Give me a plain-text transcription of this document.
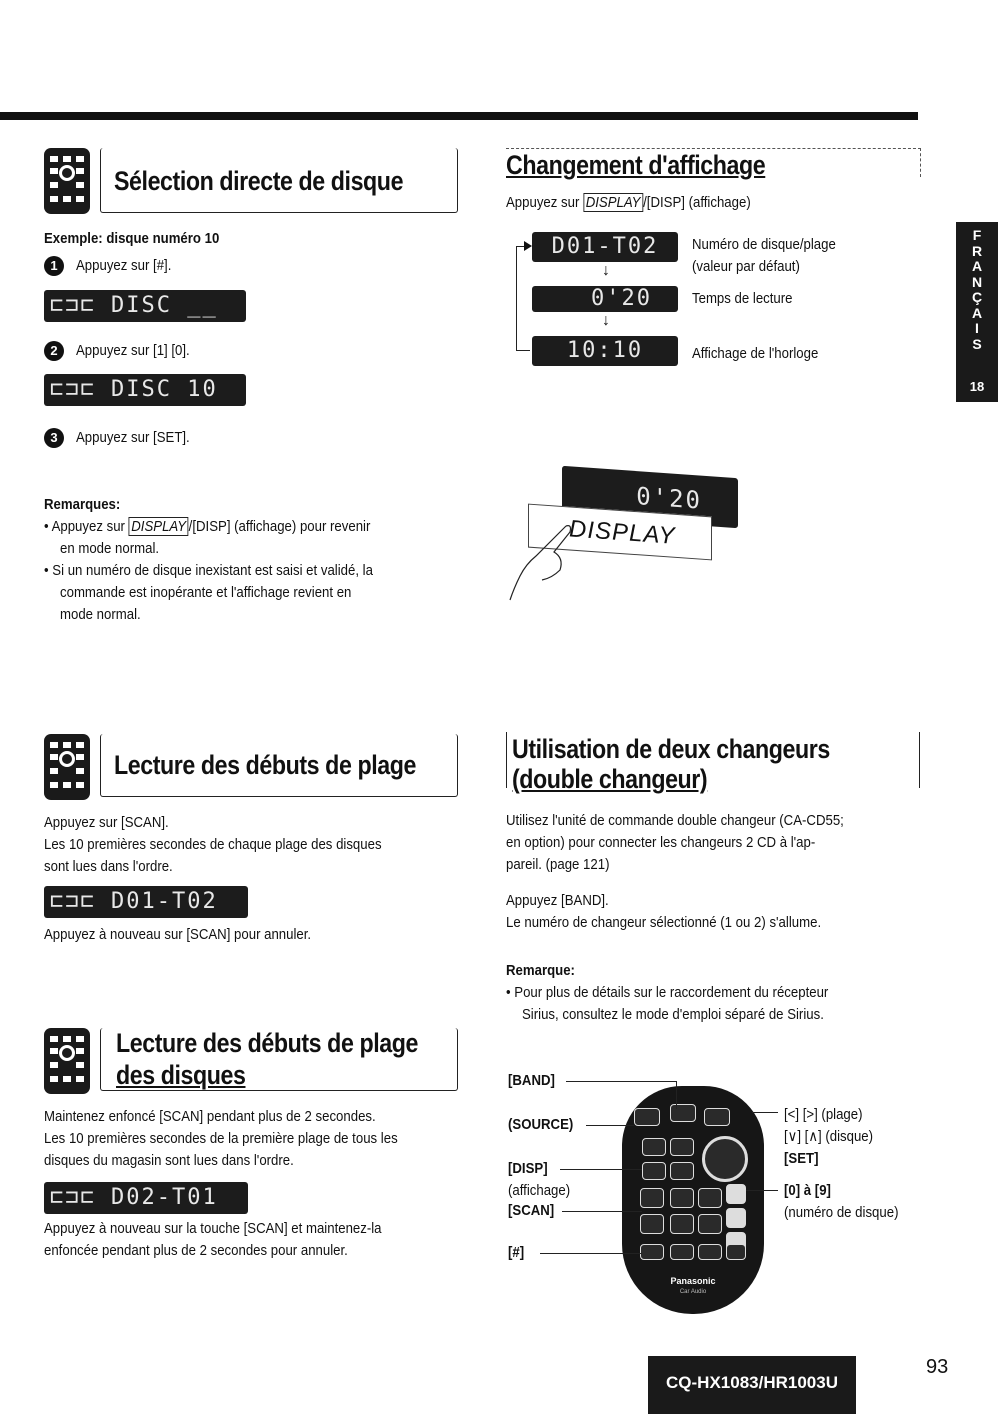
F
R
A
N
Ç
A
I
S
18
Sélection directe de disque
Exemple: disque numéro 10
1	Appuyez sur [#].
⊏⊐⊏ DISC __
2	Appuyez sur [1] [0].
⊏⊐⊏ DISC 10
3	Appuyez sur [SET].
Remarques:
• Appuyez sur DISPLAY /[DISP] (affichage) pour revenir
en mode normal.
• Si un numéro de disque inexistant est saisi et validé, la
commande est inopérante et l'affichage revient en
mode normal.
Changement d'affichage
Appuyez sur DISPLAY /[DISP] (affichage)
D01-T02
↓
0'20
↓
10:10
Numéro de disque/plage
(valeur par défaut)
Temps de lecture
Affichage de l'horloge
0'20
DISPLAY
Lecture des débuts de plage
Appuyez sur [SCAN].
Les 10 premières secondes de chaque plage des disques
sont lues dans l'ordre.
⊏⊐⊏ D01-T02
Appuyez à nouveau sur [SCAN] pour annuler.
Utilisation de deux changeurs
(double changeur)
Utilisez l'unité de commande double changeur (CA-CD55;
en option) pour connecter les changeurs 2 CD à l'ap-
pareil. (page 121)
Appuyez [BAND].
Le numéro de changeur sélectionné (1 ou 2) s'allume.
Remarque:
• Pour plus de détails sur le raccordement du récepteur
Sirius, consultez le mode d'emploi séparé de Sirius.
Lecture des débuts de plage
des disques
Maintenez enfoncé [SCAN] pendant plus de 2 secondes.
Les 10 premières secondes de la première plage de tous les
disques du magasin sont lues dans l'ordre.
⊏⊐⊏ D02-T01
Appuyez à nouveau sur la touche [SCAN] et maintenez-la
enfoncée pendant plus de 2 secondes pour annuler.
Panasonic
Car Audio
[BAND]
(SOURCE)
[DISP]
(affichage)
[SCAN]
[#]
[<] [>] (plage)
[∨] [∧] (disque)
[SET]
[0] à [9]
(numéro de disque)
CQ-HX1083/HR1003U
93
